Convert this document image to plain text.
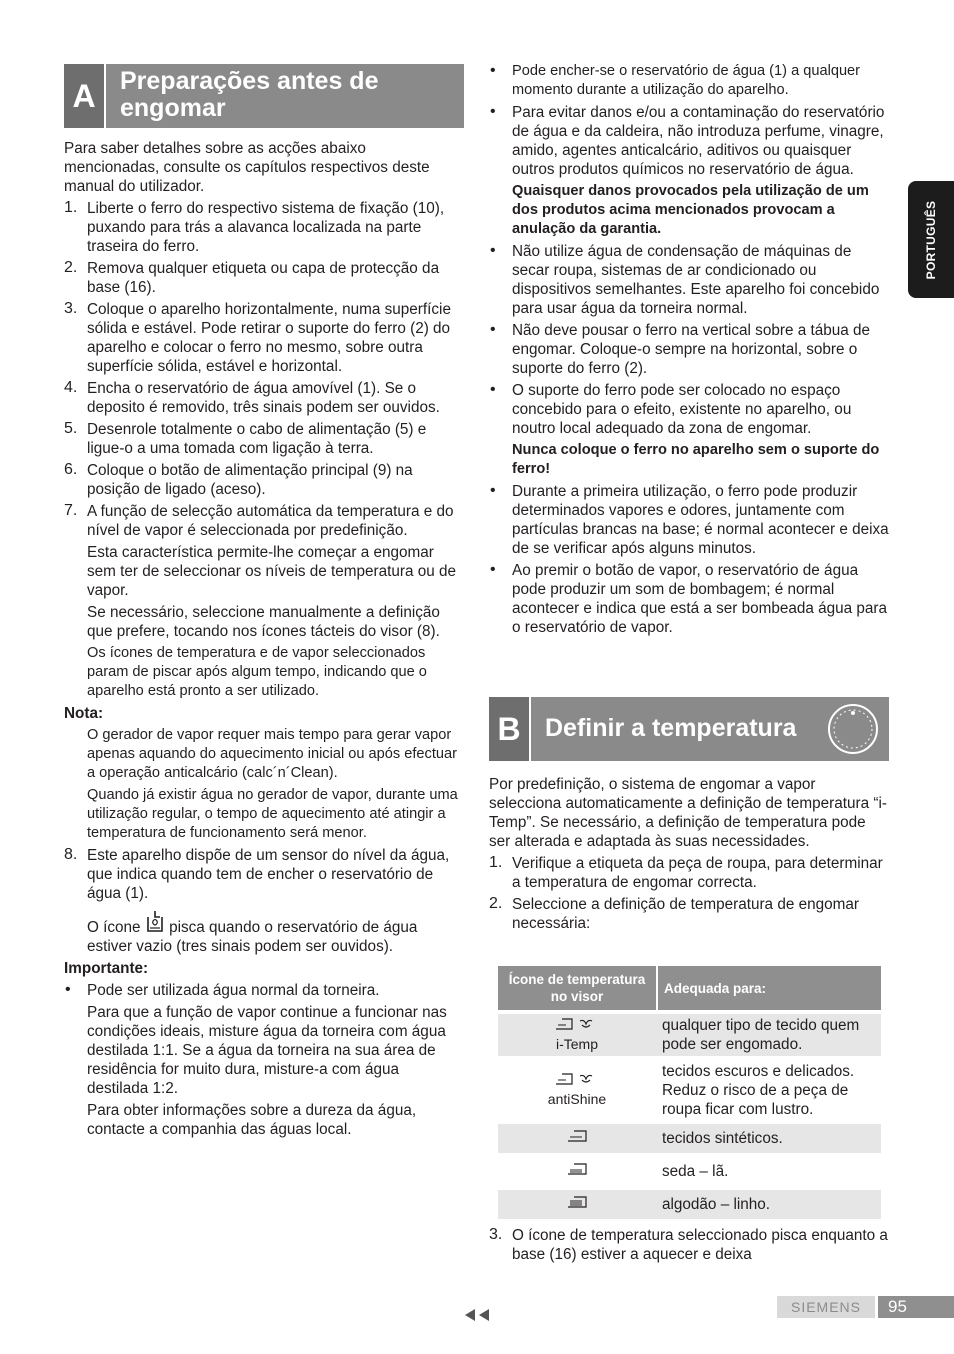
PORTUGUÊS
A Preparações antes de engomar

Para saber detalhes sobre as acções abaixo mencionadas, consulte os capítulos respectivos deste manual do utilizador.

1. Liberte o ferro do respectivo sistema de fixação (10), puxando para trás a alavanca localizada na parte traseira do ferro.

2. Remova qualquer etiqueta ou capa de protecção da base (16).

3. Coloque o aparelho horizontalmente, numa superfície sólida e estável. Pode retirar o suporte do ferro (2) do aparelho e colocar o ferro no mesmo, sobre outra superfície sólida, estável e horizontal.

4. Encha o reservatório de água amovível (1). Se o deposito é removido, três sinais podem ser ouvidos.

5. Desenrole totalmente o cabo de alimentação (5) e ligue-o a uma tomada com ligação à terra.

6. Coloque o botão de alimentação principal (9) na posição de ligado (aceso).

7. A função de selecção automática da temperatura e do nível de vapor é seleccionada por predefinição.

Esta característica permite-lhe começar a engomar sem ter de seleccionar os níveis de temperatura ou de vapor.

Se necessário, seleccione manualmente a definição que prefere, tocando nos ícones tácteis do visor (8).

Os ícones de temperatura e de vapor seleccionados param de piscar após algum tempo, indicando que o aparelho está pronto a ser utilizado.

Nota:

O gerador de vapor requer mais tempo para gerar vapor apenas aquando do aquecimento inicial ou após efectuar a operação anticalcário (calc´n´Clean).

Quando já existir água no gerador de vapor, durante uma utilização regular, o tempo de aquecimento até atingir a temperatura de funcionamento será menor.

8. Este aparelho dispõe de um sensor do nível da água, que indica quando tem de encher o reservatório de água (1).

O ícone pisca quando o reservatório de água estiver vazio (tres sinais podem ser ouvidos).

Importante:

• Pode ser utilizada água normal da torneira.

Para que a função de vapor continue a funcionar nas condições ideais, misture água da torneira com água destilada 1:1. Se a água da torneira na sua área de residência for muito dura, misture-a com água destilada 1:2.

Para obter informações sobre a dureza da água, contacte a companhia das águas local.

• Pode encher-se o reservatório de água (1) a qualquer momento durante a utilização do aparelho.

• Para evitar danos e/ou a contaminação do reservatório de água e da caldeira, não introduza perfume, vinagre, amido, agentes anticalcário, aditivos ou quaisquer outros produtos químicos no reservatório de água.

Quaisquer danos provocados pela utilização de um dos produtos acima mencionados provocam a anulação da garantia.

• Não utilize água de condensação de máquinas de secar roupa, sistemas de ar condicionado ou dispositivos semelhantes. Este aparelho foi concebido para usar água da torneira normal.

• Não deve pousar o ferro na vertical sobre a tábua de engomar. Coloque-o sempre na horizontal, sobre o suporte do ferro (2).

• O suporte do ferro pode ser colocado no espaço concebido para o efeito, existente no aparelho, ou noutro local adequado da zona de engomar.

Nunca coloque o ferro no aparelho sem o suporte do ferro!

• Durante a primeira utilização, o ferro pode produzir determinados vapores e odores, juntamente com partículas brancas na base; é normal acontecer e deixa de se verificar após alguns minutos.

• Ao premir o botão de vapor, o reservatório de água pode produzir um som de bombagem; é normal acontecer e indica que está a ser bombeada água para o reservatório de vapor.

B Definir a temperatura

Por predefinição, o sistema de engomar a vapor selecciona automaticamente a definição de temperatura “i-Temp”. Se necessário, a definição de temperatura pode ser alterada e adaptada às suas necessidades.

1. Verifique a etiqueta da peça de roupa, para determinar a temperatura de engomar correcta.

2. Seleccione a definição de temperatura de engomar necessária:

Ícone de temperatura no visor	Adequada para:

i-Temp	qualquer tipo de tecido quem pode ser engomado.

antiShine	tecidos escuros e delicados. Reduz o risco de a peça de roupa ficar com lustro.
	tecidos sintéticos.
	seda – lã.
	algodão – linho.
3. O ícone de temperatura seleccionado pisca enquanto a base (16) estiver a aquecer e deixa

SIEMENS	95
